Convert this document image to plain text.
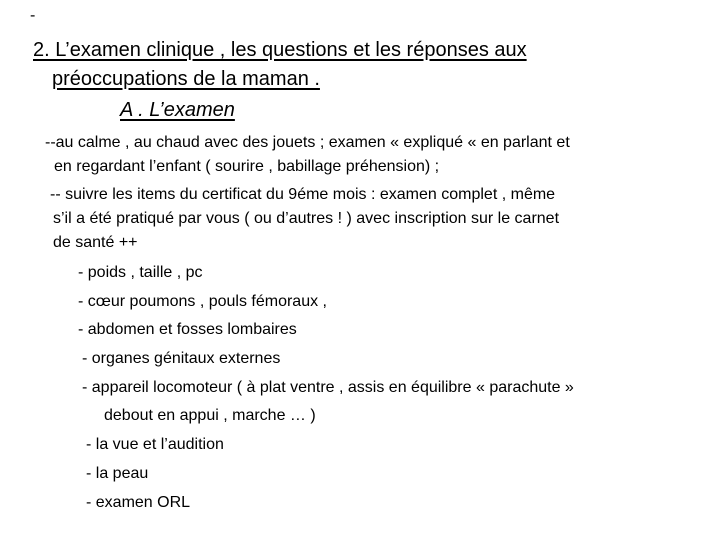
-
2. L’examen clinique , les questions et les réponses aux
préoccupations de la maman .
A . L’examen
--au calme , au chaud avec des jouets ; examen « expliqué « en parlant et
en regardant l’enfant ( sourire , babillage préhension) ;
-- suivre les items du certificat du 9éme mois : examen complet , même
s’il a été pratiqué par vous ( ou d’autres ! ) avec inscription sur le carnet
de santé ++
- poids , taille , pc
- cœur poumons , pouls fémoraux ,
- abdomen et fosses lombaires
- organes génitaux externes
- appareil locomoteur ( à plat ventre , assis en équilibre « parachute »
debout en appui , marche … )
- la vue et l’audition
- la peau
- examen ORL
